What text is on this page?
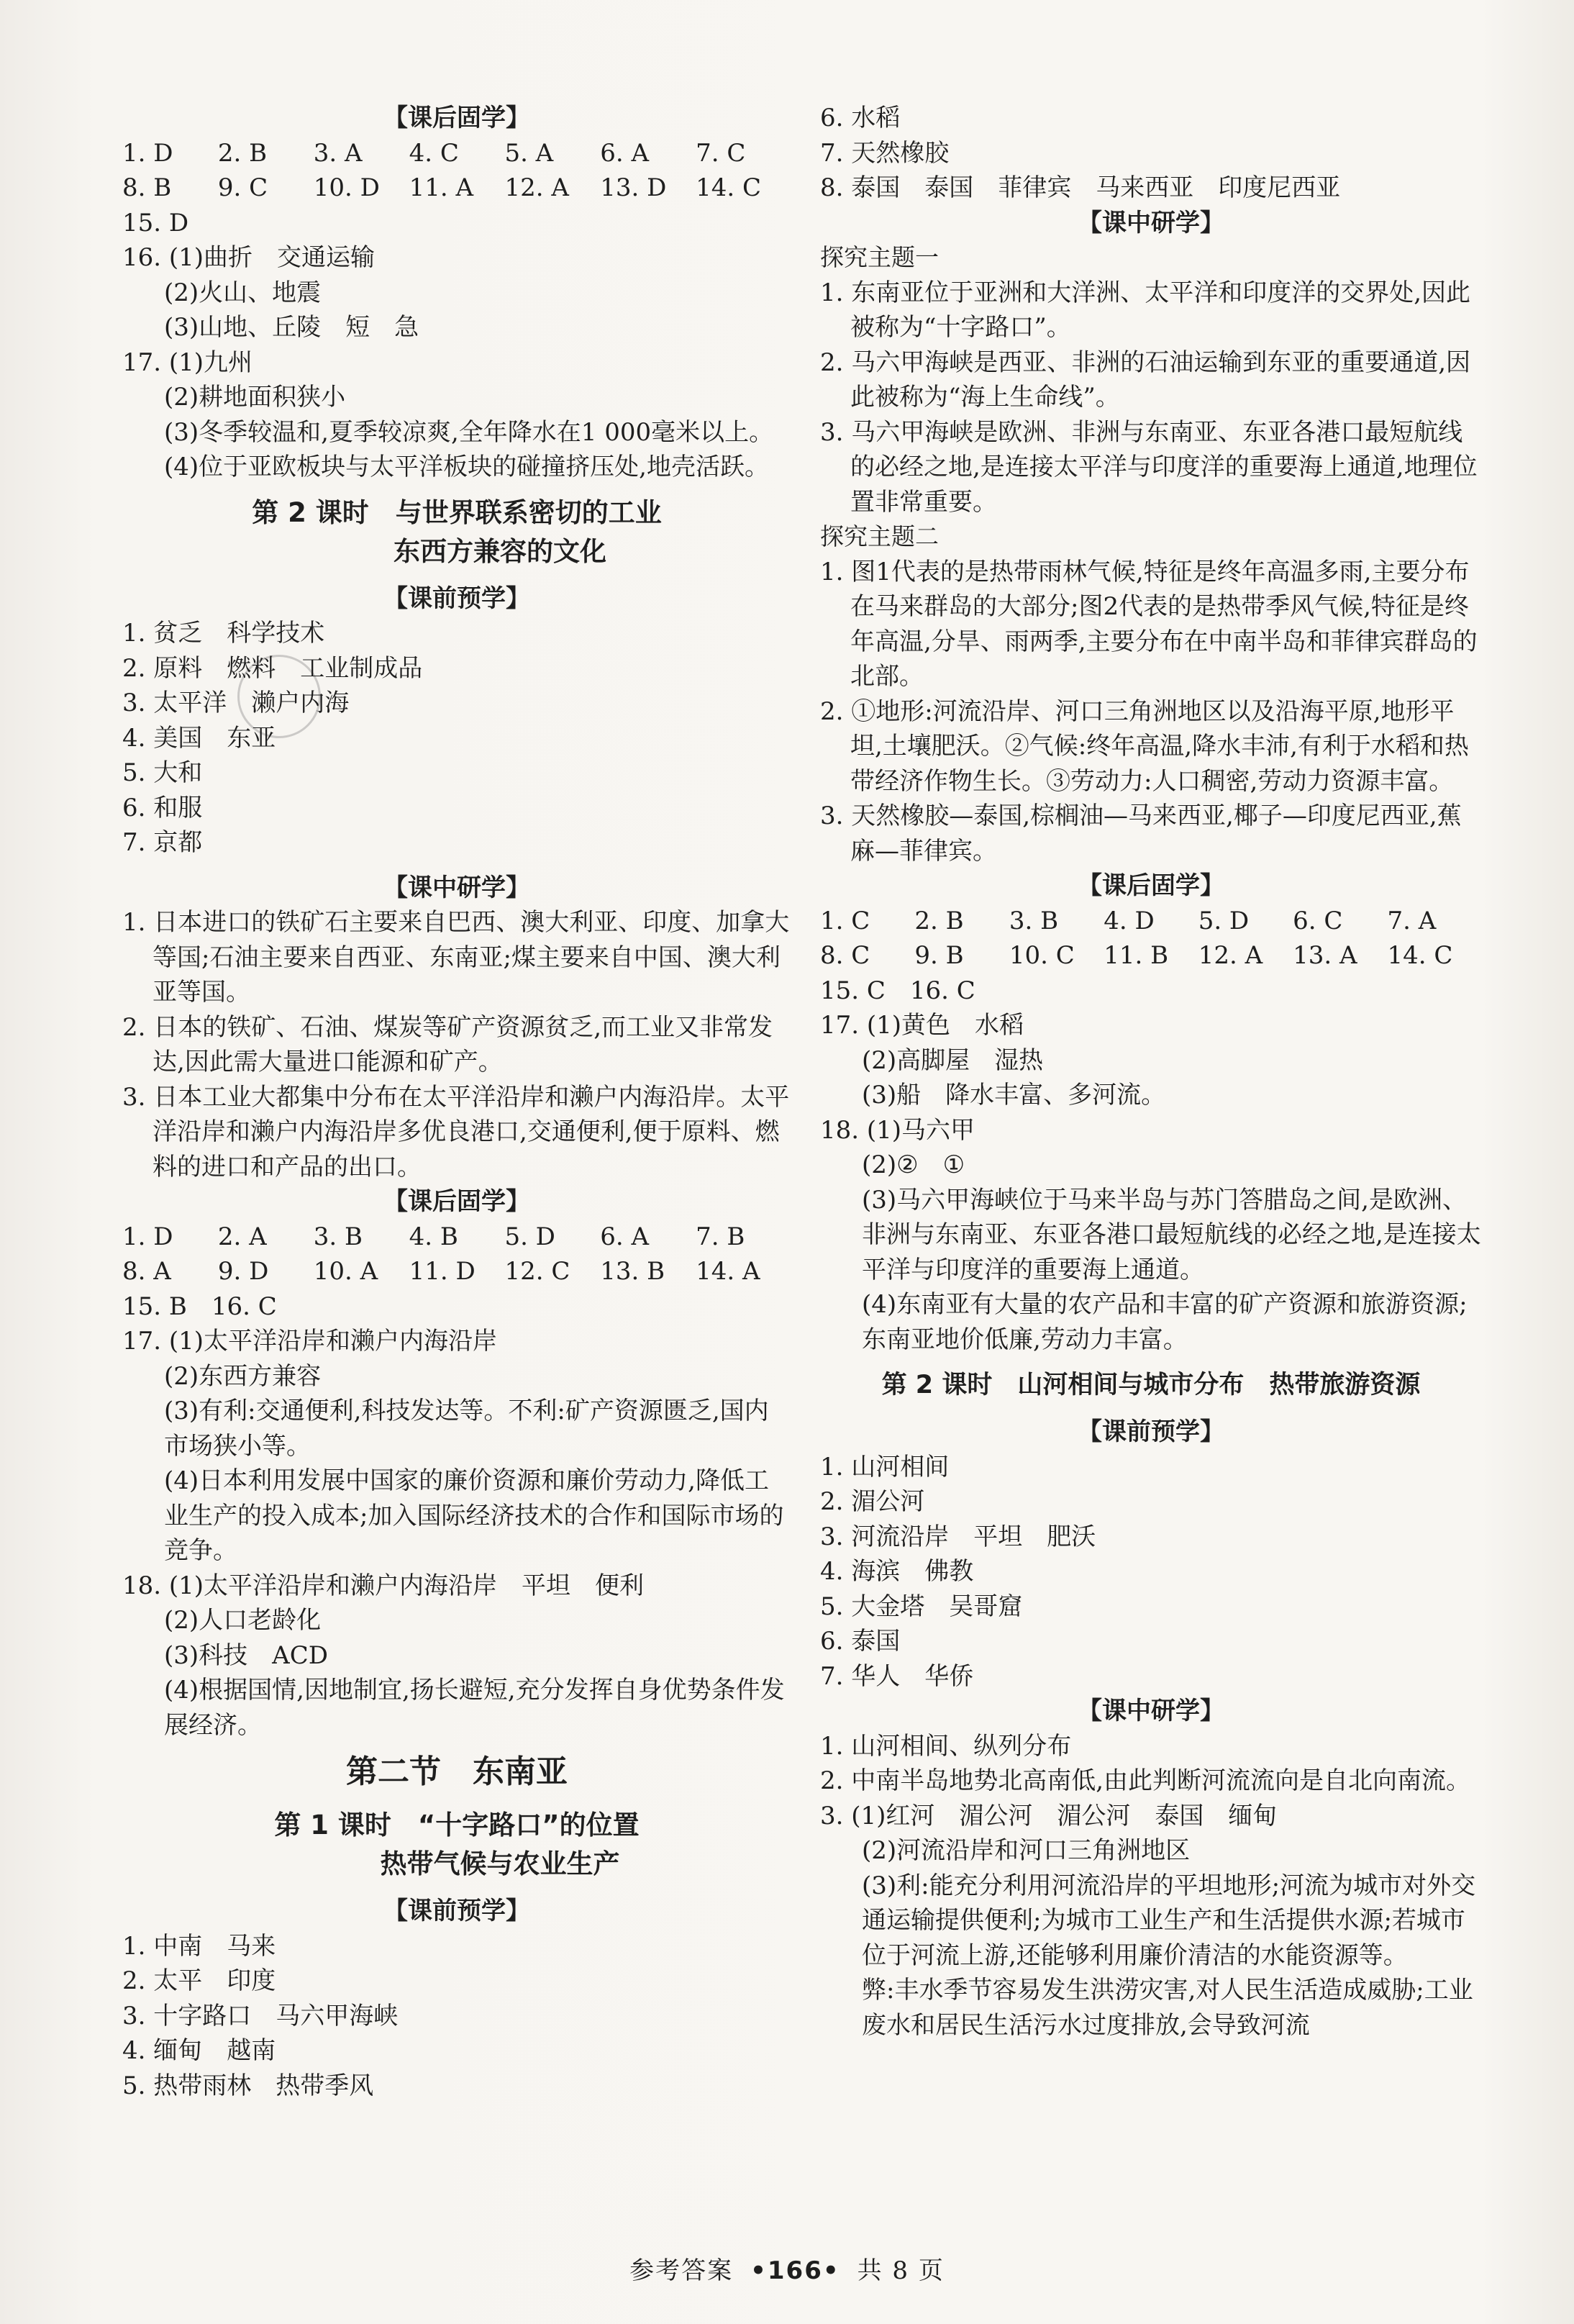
【课后固学】
1. D	2. B	3. A	4. C	5. A	6. A	7. C
8. B	9. C	10. D	11. A	12. A	13. D	14. C
15. D
16. (1)曲折　交通运输
(2)火山、地震
(3)山地、丘陵　短　急
17. (1)九州
(2)耕地面积狭小
(3)冬季较温和,夏季较凉爽,全年降水在1 000毫米以上。
(4)位于亚欧板块与太平洋板块的碰撞挤压处,地壳活跃。
第 2 课时　与世界联系密切的工业
东西方兼容的文化
【课前预学】
1. 贫乏　科学技术
2. 原料　燃料　工业制成品
3. 太平洋　濑户内海
4. 美国　东亚
5. 大和
6. 和服
7. 京都
【课中研学】
1. 日本进口的铁矿石主要来自巴西、澳大利亚、印度、加拿大等国;石油主要来自西亚、东南亚;煤主要来自中国、澳大利亚等国。
2. 日本的铁矿、石油、煤炭等矿产资源贫乏,而工业又非常发达,因此需大量进口能源和矿产。
3. 日本工业大都集中分布在太平洋沿岸和濑户内海沿岸。太平洋沿岸和濑户内海沿岸多优良港口,交通便利,便于原料、燃料的进口和产品的出口。
【课后固学】
1. D	2. A	3. B	4. B	5. D	6. A	7. B
8. A	9. D	10. A	11. D	12. C	13. B	14. A
15. B　16. C
17. (1)太平洋沿岸和濑户内海沿岸
(2)东西方兼容
(3)有利:交通便利,科技发达等。不利:矿产资源匮乏,国内市场狭小等。
(4)日本利用发展中国家的廉价资源和廉价劳动力,降低工业生产的投入成本;加入国际经济技术的合作和国际市场的竞争。
18. (1)太平洋沿岸和濑户内海沿岸　平坦　便利
(2)人口老龄化
(3)科技　ACD
(4)根据国情,因地制宜,扬长避短,充分发挥自身优势条件发展经济。
第二节　东南亚
第 1 课时　“十字路口”的位置
热带气候与农业生产
【课前预学】
1. 中南　马来
2. 太平　印度
3. 十字路口　马六甲海峡
4. 缅甸　越南
5. 热带雨林　热带季风
6. 水稻
7. 天然橡胶
8. 泰国　泰国　菲律宾　马来西亚　印度尼西亚
【课中研学】
探究主题一
1. 东南亚位于亚洲和大洋洲、太平洋和印度洋的交界处,因此被称为“十字路口”。
2. 马六甲海峡是西亚、非洲的石油运输到东亚的重要通道,因此被称为“海上生命线”。
3. 马六甲海峡是欧洲、非洲与东南亚、东亚各港口最短航线的必经之地,是连接太平洋与印度洋的重要海上通道,地理位置非常重要。
探究主题二
1. 图1代表的是热带雨林气候,特征是终年高温多雨,主要分布在马来群岛的大部分;图2代表的是热带季风气候,特征是终年高温,分旱、雨两季,主要分布在中南半岛和菲律宾群岛的北部。
2. ①地形:河流沿岸、河口三角洲地区以及沿海平原,地形平坦,土壤肥沃。②气候:终年高温,降水丰沛,有利于水稻和热带经济作物生长。③劳动力:人口稠密,劳动力资源丰富。
3. 天然橡胶—泰国,棕榈油—马来西亚,椰子—印度尼西亚,蕉麻—菲律宾。
【课后固学】
1. C	2. B	3. B	4. D	5. D	6. C	7. A
8. C	9. B	10. C	11. B	12. A	13. A	14. C
15. C　16. C
17. (1)黄色　水稻
(2)高脚屋　湿热
(3)船　降水丰富、多河流。
18. (1)马六甲
(2)②　①
(3)马六甲海峡位于马来半岛与苏门答腊岛之间,是欧洲、非洲与东南亚、东亚各港口最短航线的必经之地,是连接太平洋与印度洋的重要海上通道。
(4)东南亚有大量的农产品和丰富的矿产资源和旅游资源;东南亚地价低廉,劳动力丰富。
第 2 课时　山河相间与城市分布　热带旅游资源
【课前预学】
1. 山河相间
2. 湄公河
3. 河流沿岸　平坦　肥沃
4. 海滨　佛教
5. 大金塔　吴哥窟
6. 泰国
7. 华人　华侨
【课中研学】
1. 山河相间、纵列分布
2. 中南半岛地势北高南低,由此判断河流流向是自北向南流。
3. (1)红河　湄公河　湄公河　泰国　缅甸
(2)河流沿岸和河口三角洲地区
(3)利:能充分利用河流沿岸的平坦地形;河流为城市对外交通运输提供便利;为城市工业生产和生活提供水源;若城市位于河流上游,还能够利用廉价清洁的水能资源等。
弊:丰水季节容易发生洪涝灾害,对人民生活造成威胁;工业废水和居民生活污水过度排放,会导致河流
参考答案 •166• 共 8 页
